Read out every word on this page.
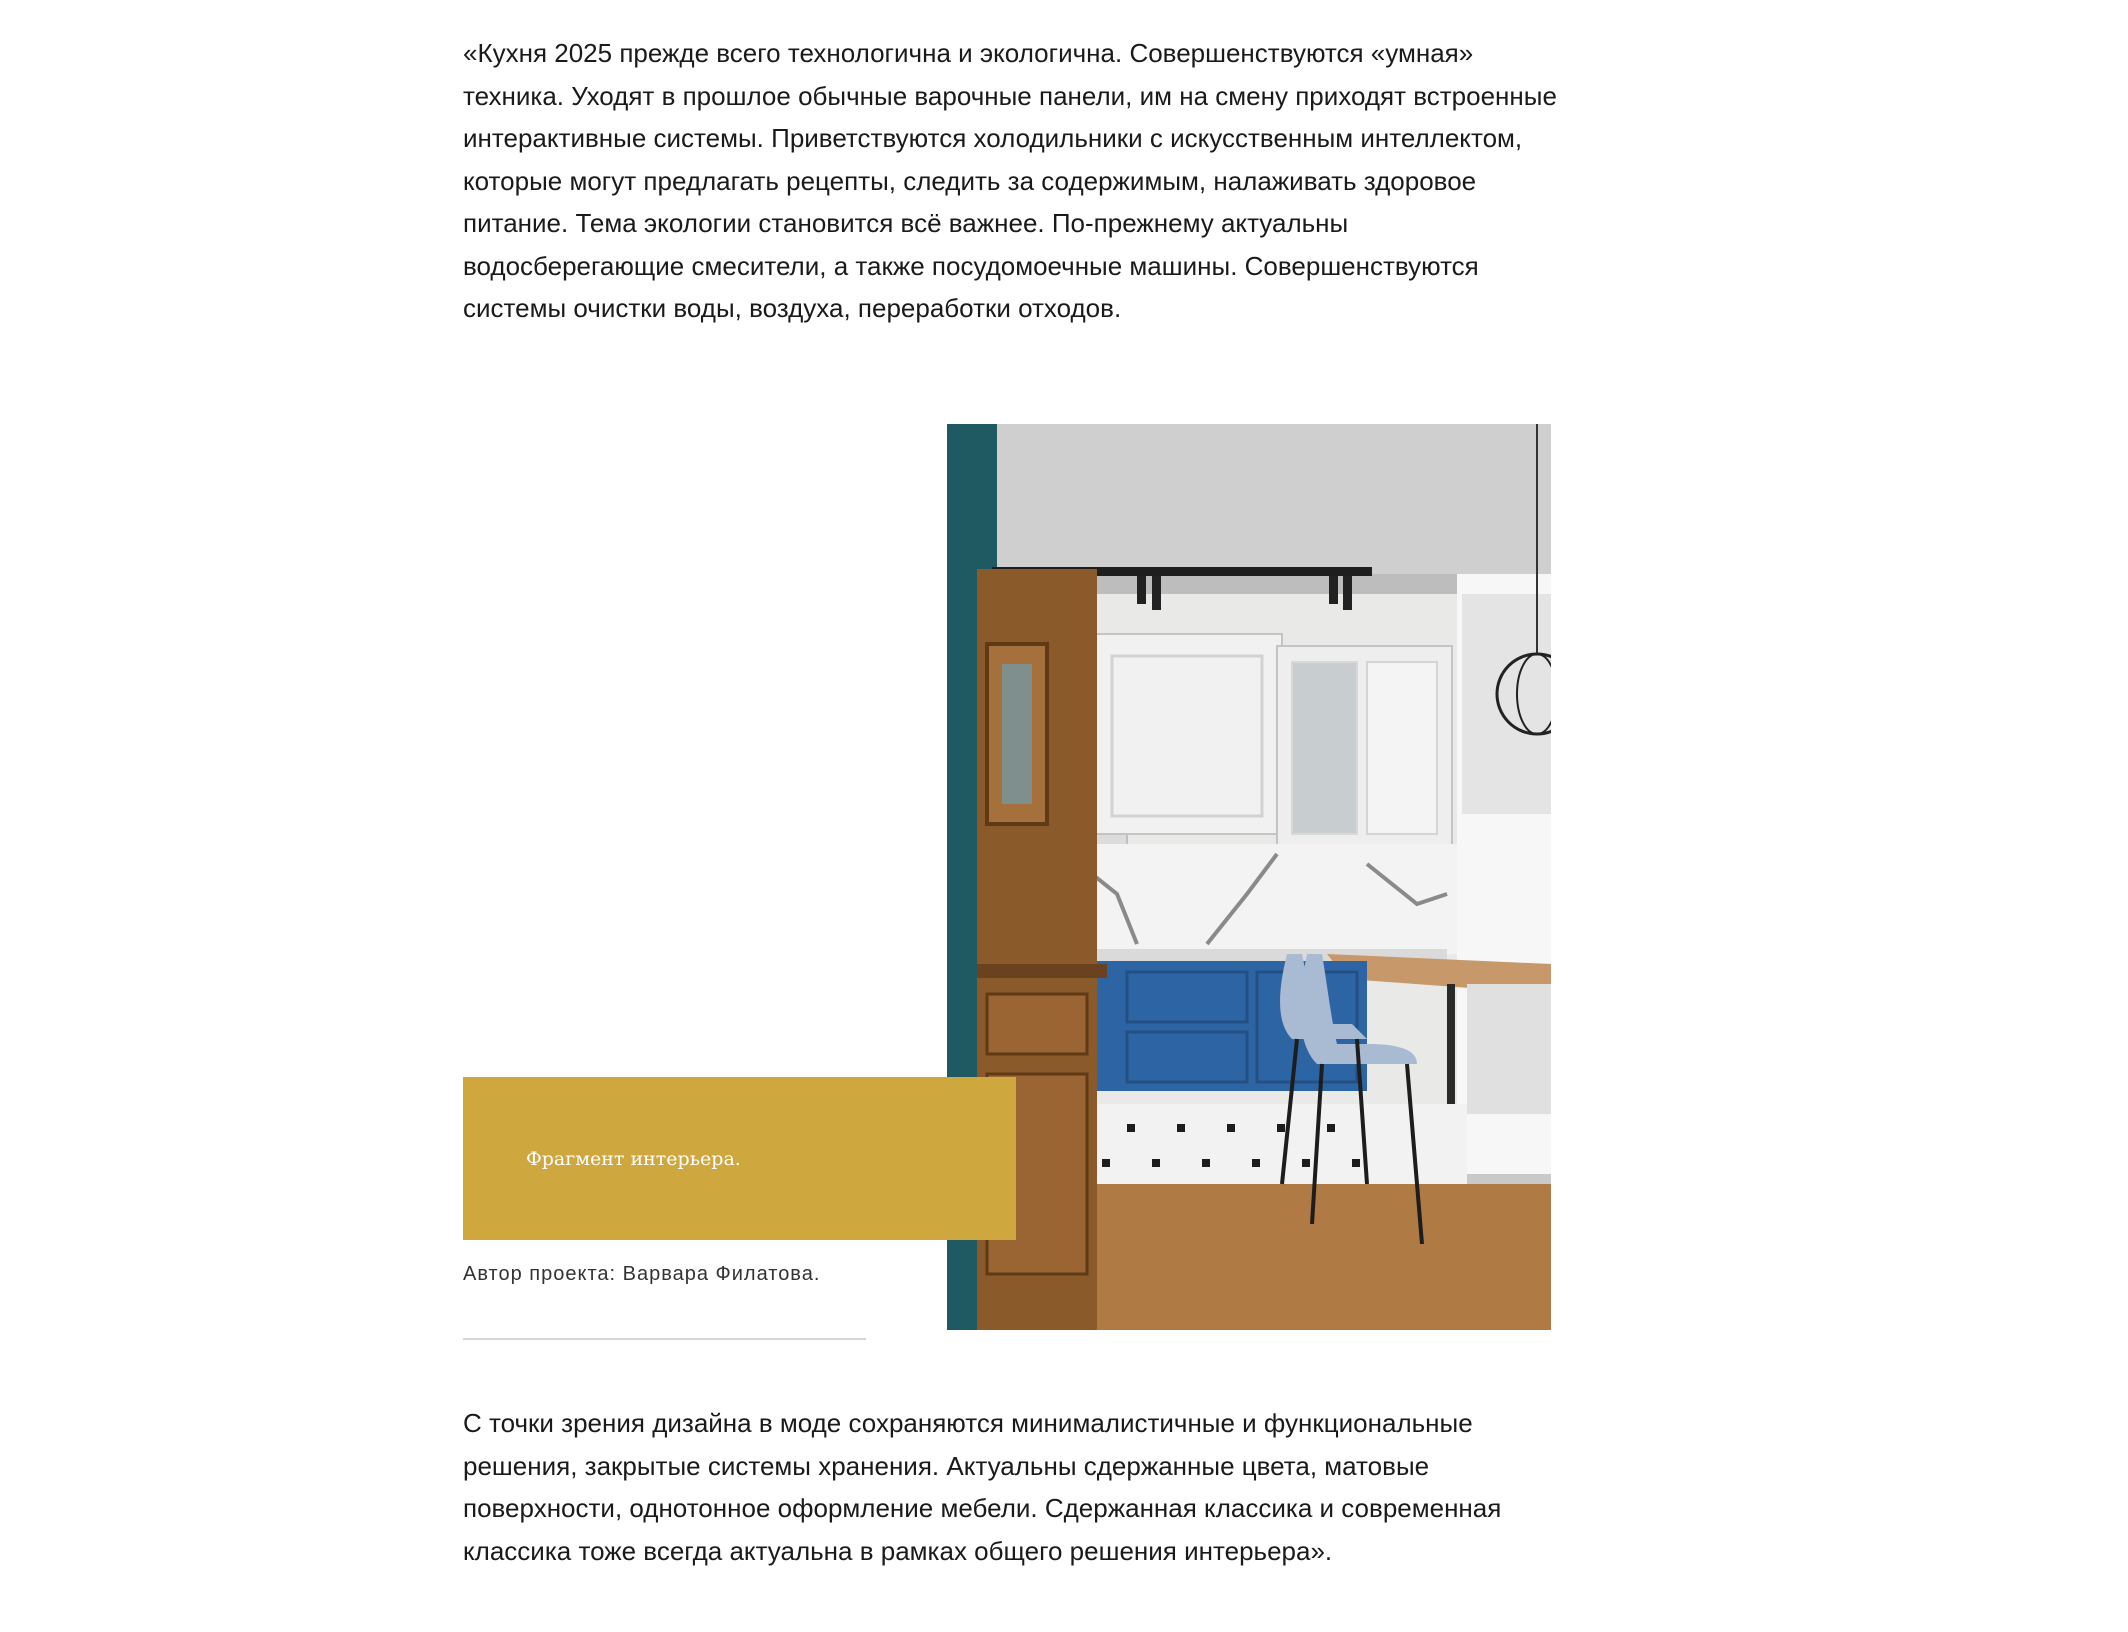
«Кухня 2025 прежде всего технологична и экологична. Совершенствуются «умная» техника. Уходят в прошлое обычные варочные панели, им на смену приходят встроенные интерактивные системы. Приветствуются холодильники с искусственным интеллектом, которые могут предлагать рецепты, следить за содержимым, налаживать здоровое питание. Тема экологии становится всё важнее. По-прежнему актуальны водосберегающие смесители, а также посудомоечные машины. Совершенствуются системы очистки воды, воздуха, переработки отходов.

Фрагмент интерьера.
Автор проекта: Варвара Филатова.

С точки зрения дизайна в моде сохраняются минималистичные и функциональные решения, закрытые системы хранения. Актуальны сдержанные цвета, матовые поверхности, однотонное оформление мебели. Сдержанная классика и современная классика тоже всегда актуальна в рамках общего решения интерьера».
